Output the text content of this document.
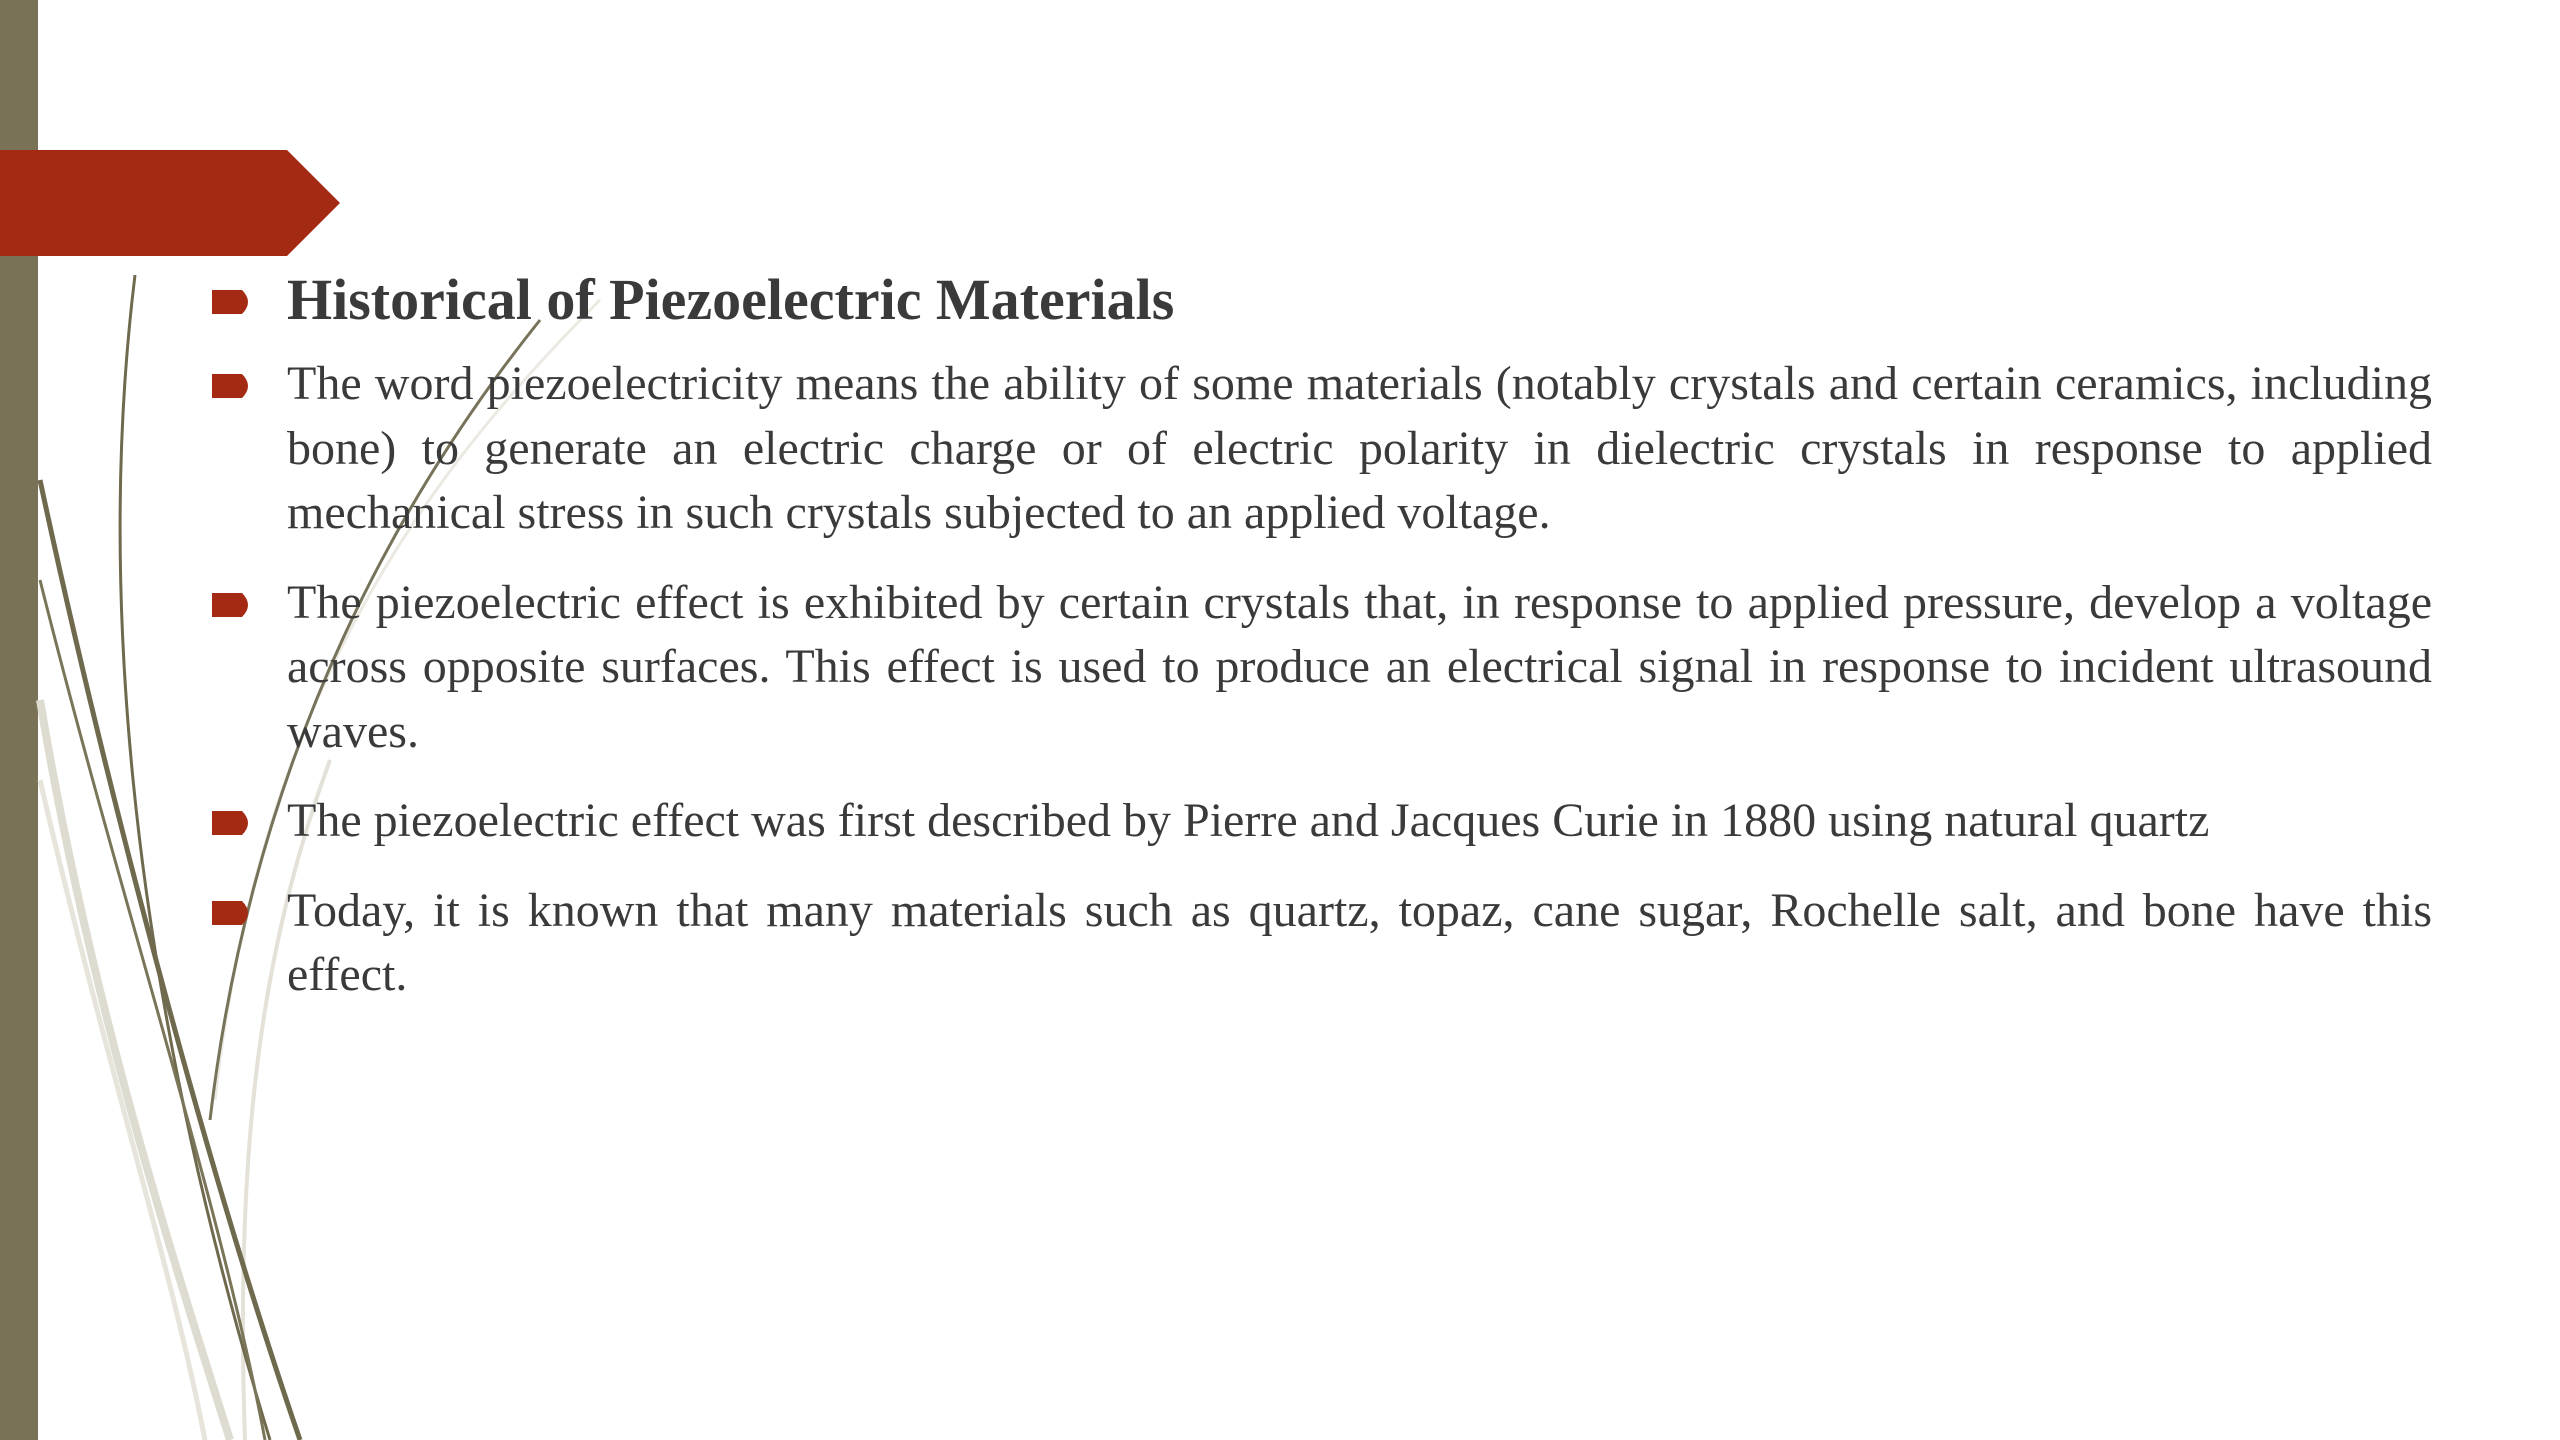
Historical of Piezoelectric Materials
The word piezoelectricity means the ability of some materials (notably crystals and certain ceramics, including bone) to generate an electric charge or of electric polarity in dielectric crystals in response to applied mechanical stress in such crystals subjected to an applied voltage.
The piezoelectric effect is exhibited by certain crystals that, in response to applied pressure, develop a voltage across opposite surfaces. This effect is used to produce an electrical signal in response to incident ultrasound waves.
The piezoelectric effect was first described by Pierre and Jacques Curie in 1880 using natural quartz
Today, it is known that many materials such as quartz, topaz, cane sugar, Rochelle salt, and bone have this effect.
